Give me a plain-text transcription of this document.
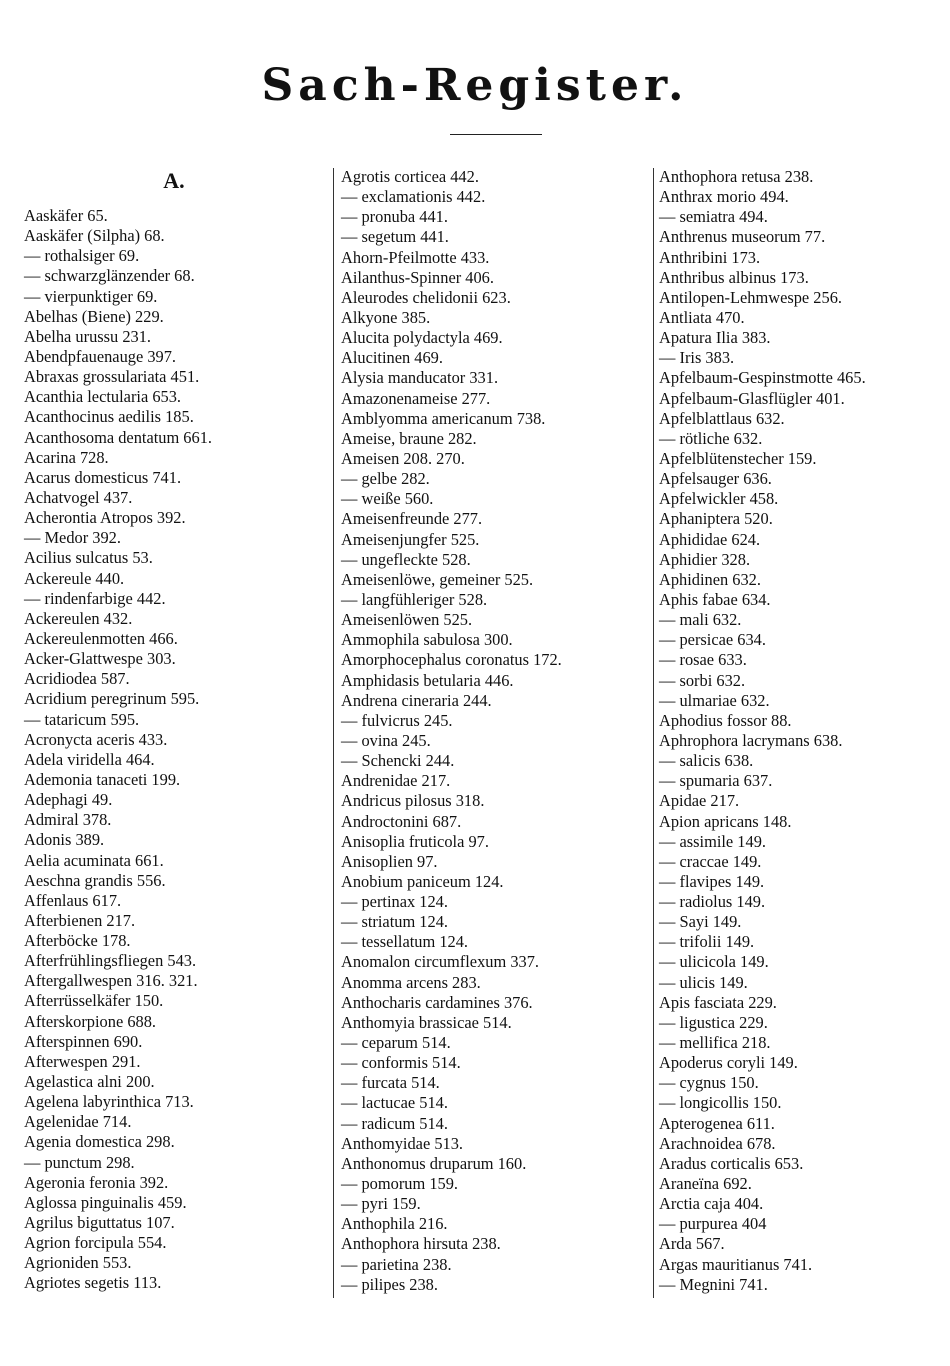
Sach-Register.
A.
Aaskäfer 65.
Aaskäfer (Silpha) 68.
— rothalsiger 69.
— schwarzglänzender 68.
— vierpunktiger 69.
Abelhas (Biene) 229.
Abelha urussu 231.
Abendpfauenauge 397.
Abraxas grossulariata 451.
Acanthia lectularia 653.
Acanthocinus aedilis 185.
Acanthosoma dentatum 661.
Acarina 728.
Acarus domesticus 741.
Achatvogel 437.
Acherontia Atropos 392.
— Medor 392.
Acilius sulcatus 53.
Ackereule 440.
— rindenfarbige 442.
Ackereulen 432.
Ackereulenmotten 466.
Acker-Glattwespe 303.
Acridiodea 587.
Acridium peregrinum 595.
— tataricum 595.
Acronycta aceris 433.
Adela viridella 464.
Ademonia tanaceti 199.
Adephagi 49.
Admiral 378.
Adonis 389.
Aelia acuminata 661.
Aeschna grandis 556.
Affenlaus 617.
Afterbienen 217.
Afterböcke 178.
Afterfrühlingsfliegen 543.
Aftergallwespen 316. 321.
Afterrüsselkäfer 150.
Afterskorpione 688.
Afterspinnen 690.
Afterwespen 291.
Agelastica alni 200.
Agelena labyrinthica 713.
Agelenidae 714.
Agenia domestica 298.
— punctum 298.
Ageronia feronia 392.
Aglossa pinguinalis 459.
Agrilus biguttatus 107.
Agrion forcipula 554.
Agrioniden 553.
Agriotes segetis 113.
Agrotis corticea 442.
— exclamationis 442.
— pronuba 441.
— segetum 441.
Ahorn-Pfeilmotte 433.
Ailanthus-Spinner 406.
Aleurodes chelidonii 623.
Alkyone 385.
Alucita polydactyla 469.
Alucitinen 469.
Alysia manducator 331.
Amazonenameise 277.
Amblyomma americanum 738.
Ameise, braune 282.
Ameisen 208. 270.
— gelbe 282.
— weiße 560.
Ameisenfreunde 277.
Ameisenjungfer 525.
— ungefleckte 528.
Ameisenlöwe, gemeiner 525.
— langfühleriger 528.
Ameisenlöwen 525.
Ammophila sabulosa 300.
Amorphocephalus coronatus 172.
Amphidasis betularia 446.
Andrena cineraria 244.
— fulvicrus 245.
— ovina 245.
— Schencki 244.
Andrenidae 217.
Andricus pilosus 318.
Androctonini 687.
Anisoplia fruticola 97.
Anisoplien 97.
Anobium paniceum 124.
— pertinax 124.
— striatum 124.
— tessellatum 124.
Anomalon circumflexum 337.
Anomma arcens 283.
Anthocharis cardamines 376.
Anthomyia brassicae 514.
— ceparum 514.
— conformis 514.
— furcata 514.
— lactucae 514.
— radicum 514.
Anthomyidae 513.
Anthonomus druparum 160.
— pomorum 159.
— pyri 159.
Anthophila 216.
Anthophora hirsuta 238.
— parietina 238.
— pilipes 238.
Anthophora retusa 238.
Anthrax morio 494.
— semiatra 494.
Anthrenus museorum 77.
Anthribini 173.
Anthribus albinus 173.
Antilopen-Lehmwespe 256.
Antliata 470.
Apatura Ilia 383.
— Iris 383.
Apfelbaum-Gespinstmotte 465.
Apfelbaum-Glasflügler 401.
Apfelblattlaus 632.
— rötliche 632.
Apfelblütenstecher 159.
Apfelsauger 636.
Apfelwickler 458.
Aphaniptera 520.
Aphididae 624.
Aphidier 328.
Aphidinen 632.
Aphis fabae 634.
— mali 632.
— persicae 634.
— rosae 633.
— sorbi 632.
— ulmariae 632.
Aphodius fossor 88.
Aphrophora lacrymans 638.
— salicis 638.
— spumaria 637.
Apidae 217.
Apion apricans 148.
— assimile 149.
— craccae 149.
— flavipes 149.
— radiolus 149.
— Sayi 149.
— trifolii 149.
— ulicicola 149.
— ulicis 149.
Apis fasciata 229.
— ligustica 229.
— mellifica 218.
Apoderus coryli 149.
— cygnus 150.
— longicollis 150.
Apterogenea 611.
Arachnoidea 678.
Aradus corticalis 653.
Araneïna 692.
Arctia caja 404.
— purpurea 404
Arda 567.
Argas mauritianus 741.
— Megnini 741.
